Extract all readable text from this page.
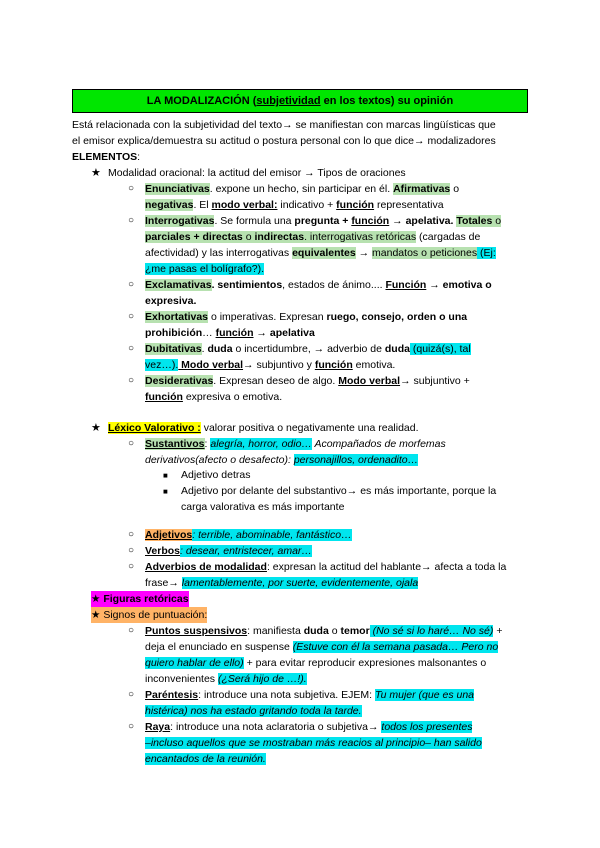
LA MODALIZACIÓN (subjetividad en los textos) su opinión
Está relacionada con la subjetividad del texto→ se manifiestan con marcas lingüísticas que
el emisor explica/demuestra su actitud o postura personal con lo que dice→ modalizadores
ELEMENTOS:
★ Modalidad oracional: la actitud del emisor → Tipos de oraciones
○ Enunciativas. expone un hecho, sin participar en él. Afirmativas o
negativas. El modo verbal: indicativo + función representativa
○ Interrogativas. Se formula una pregunta + función → apelativa. Totales o
parciales + directas o indirectas. interrogativas retóricas (cargadas de
afectividad) y las interrogativas equivalentes → mandatos o peticiones (Ej:
¿me pasas el bolígrafo?).
○ Exclamativas. sentimientos, estados de ánimo.... Función → emotiva o
expresiva.
○ Exhortativas o imperativas. Expresan ruego, consejo, orden o una
prohibición… función → apelativa
○ Dubitativas. duda o incertidumbre, → adverbio de duda (quizá(s), tal
vez…). Modo verbal→ subjuntivo y función emotiva.
○ Desiderativas. Expresan deseo de algo. Modo verbal→ subjuntivo +
función expresiva o emotiva.
★ Léxico Valorativo : valorar positiva o negativamente una realidad.
○ Sustantivos: alegría, horror, odio… Acompañados de morfemas
derivativos(afecto o desafecto): personajillos, ordenadito…
■ Adjetivo detras
■ Adjetivo por delante del substantivo→ es más importante, porque la
carga valorativa es más importante
○ Adjetivos: terrible, abominable, fantástico…
○ Verbos: desear, entristecer, amar…
○ Adverbios de modalidad: expresan la actitud del hablante→ afecta a toda la
frase→ lamentablemente, por suerte, evidentemente, ojala
★ Figuras retóricas
★ Signos de puntuación:
○ Puntos suspensivos: manifiesta duda o temor (No sé si lo haré… No sé) +
deja el enunciado en suspense (Estuve con él la semana pasada… Pero no
quiero hablar de ello) + para evitar reproducir expresiones malsonantes o
inconvenientes (¿Será hijo de …!).
○ Paréntesis: introduce una nota subjetiva. EJEM: Tu mujer (que es una
histérica) nos ha estado gritando toda la tarde.
○ Raya: introduce una nota aclaratoria o subjetiva→ todos los presentes
–incluso aquellos que se mostraban más reacios al principio– han salido
encantados de la reunión.
